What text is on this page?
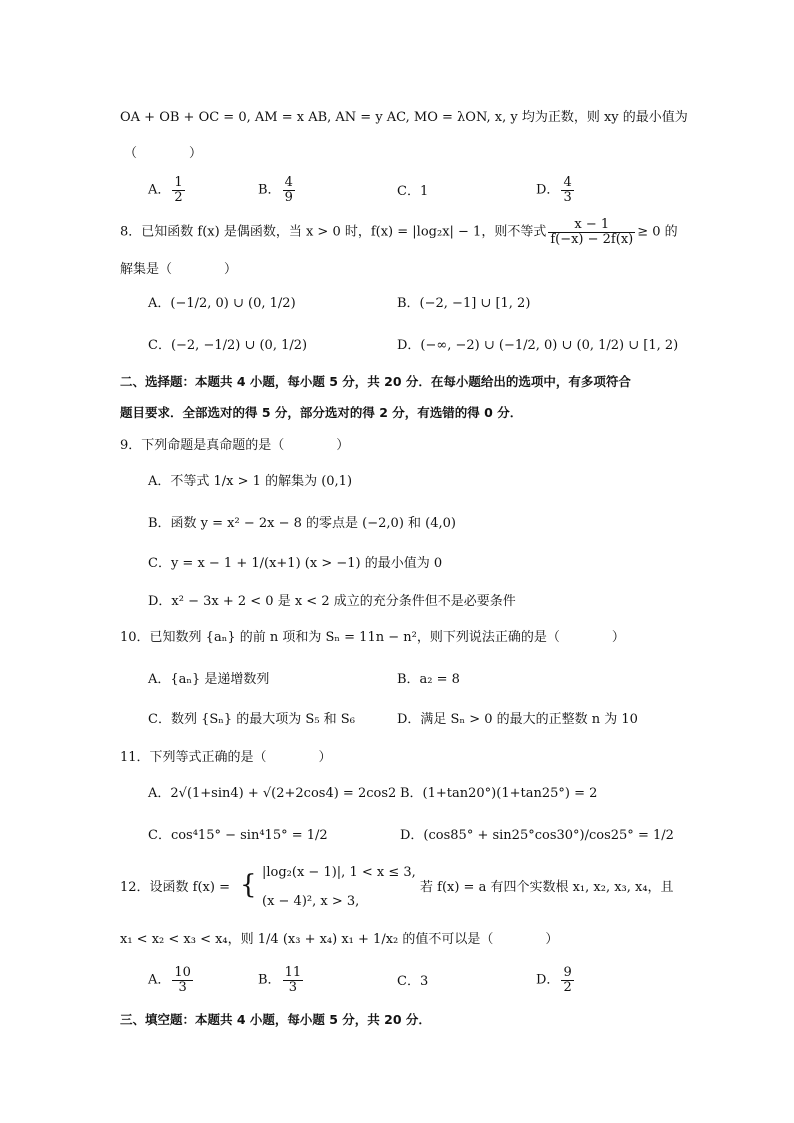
OA + OB + OC = 0, AM = x AB, AN = y AC, MO = λON, x, y 均为正数，则 xy 的最小值为
（　　　　）
A． $\frac{1}{2}$	B． $\frac{4}{9}$	C．1	D． $\frac{4}{3}$
8．已知函数 f(x) 是偶函数，当 x > 0 时，f(x) = |log₂x| − 1，则不等式 $\frac{x - 1}{f(-x) - 2f(x)} \ge 0$ 的
解集是（　　　　）
A．(−1/2, 0) ∪ (0, 1/2)	B．(−2, −1] ∪ [1, 2)
C．(−2, −1/2) ∪ (0, 1/2)	D．(−∞, −2) ∪ (−1/2, 0) ∪ (0, 1/2) ∪ [1, 2)
二、选择题：本题共 4 小题，每小题 5 分，共 20 分．在每小题给出的选项中，有多项符合
题目要求．全部选对的得 5 分，部分选对的得 2 分，有选错的得 0 分．
9．下列命题是真命题的是（　　　　）
A．不等式 1/x > 1 的解集为 (0,1)
B．函数 y = x² − 2x − 8 的零点是 (−2,0) 和 (4,0)
C．y = x − 1 + 1/(x+1) (x > −1) 的最小值为 0
D．x² − 3x + 2 < 0 是 x < 2 成立的充分条件但不是必要条件
10．已知数列 {aₙ} 的前 n 项和为 Sₙ = 11n − n²，则下列说法正确的是（　　　　）
A．{aₙ} 是递增数列	B．a₂ = 8
C．数列 {Sₙ} 的最大项为 S₅ 和 S₆	D．满足 Sₙ > 0 的最大的正整数 n 为 10
11．下列等式正确的是（　　　　）
A．2√(1+sin4) + √(2+2cos4) = 2cos2 B．(1+tan20°)(1+tan25°) = 2
C．cos⁴15° − sin⁴15° = 1/2	D．(cos85° + sin25°cos30°)/cos25° = 1/2
12．设函数 f(x) = { |log₂(x − 1)|, 1 < x ≤ 3,
(x − 4)², x > 3,
若 f(x) = a 有四个实数根 x₁, x₂, x₃, x₄，且
x₁ < x₂ < x₃ < x₄，则 1/4 (x₃ + x₄) x₁ + 1/x₂ 的值不可以是（　　　　）
A． $\frac{10}{3}$	B． $\frac{11}{3}$	C．3	D． $\frac{9}{2}$
三、填空题：本题共 4 小题，每小题 5 分，共 20 分．
